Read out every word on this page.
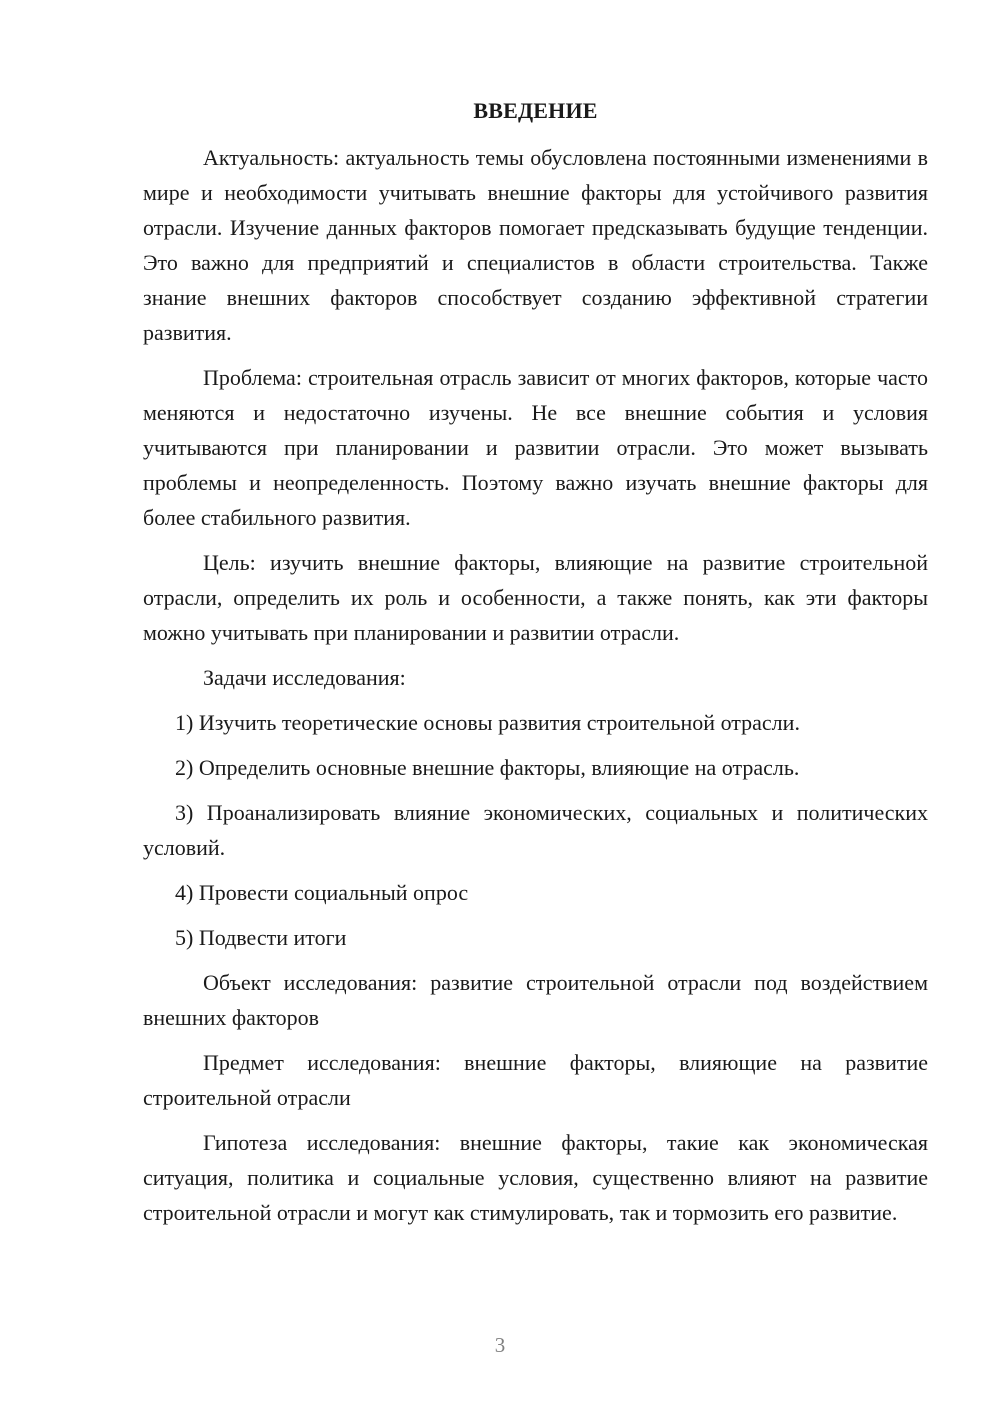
ВВЕДЕНИЕ

Актуальность: актуальность темы обусловлена постоянными изменениями в мире и необходимости учитывать внешние факторы для устойчивого развития отрасли. Изучение данных факторов помогает предсказывать будущие тенденции. Это важно для предприятий и специалистов в области строительства. Также знание внешних факторов способствует созданию эффективной стратегии развития.

Проблема: строительная отрасль зависит от многих факторов, которые часто меняются и недостаточно изучены. Не все внешние события и условия учитываются при планировании и развитии отрасли. Это может вызывать проблемы и неопределенность. Поэтому важно изучать внешние факторы для более стабильного развития.

Цель: изучить внешние факторы, влияющие на развитие строительной отрасли, определить их роль и особенности, а также понять, как эти факторы можно учитывать при планировании и развитии отрасли.

Задачи исследования:

1) Изучить теоретические основы развития строительной отрасли.

2) Определить основные внешние факторы, влияющие на отрасль.

3) Проанализировать влияние экономических, социальных и политических условий.

4) Провести социальный опрос

5) Подвести итоги

Объект исследования: развитие строительной отрасли под воздействием внешних факторов

Предмет исследования: внешние факторы, влияющие на развитие строительной отрасли

Гипотеза исследования: внешние факторы, такие как экономическая ситуация, политика и социальные условия, существенно влияют на развитие строительной отрасли и могут как стимулировать, так и тормозить его развитие.

3
